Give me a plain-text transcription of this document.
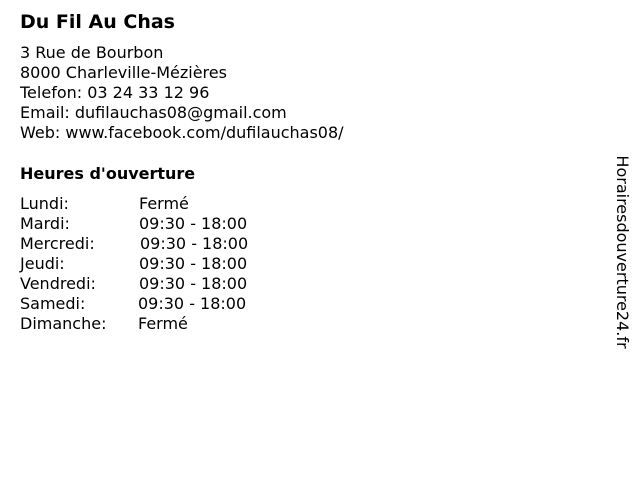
Du Fil Au Chas
3 Rue de Bourbon
8000 Charleville-Mézières
Telefon: 03 24 33 12 96
Email: dufilauchas08@gmail.com
Web: www.facebook.com/dufilauchas08/
Heures d'ouverture
Lundi:	Fermé
Mardi:	09:30 - 18:00
Mercredi:	09:30 - 18:00
Jeudi:	09:30 - 18:00
Vendredi:	09:30 - 18:00
Samedi:	09:30 - 18:00
Dimanche: Fermé	Horairesdouverture24.fr
